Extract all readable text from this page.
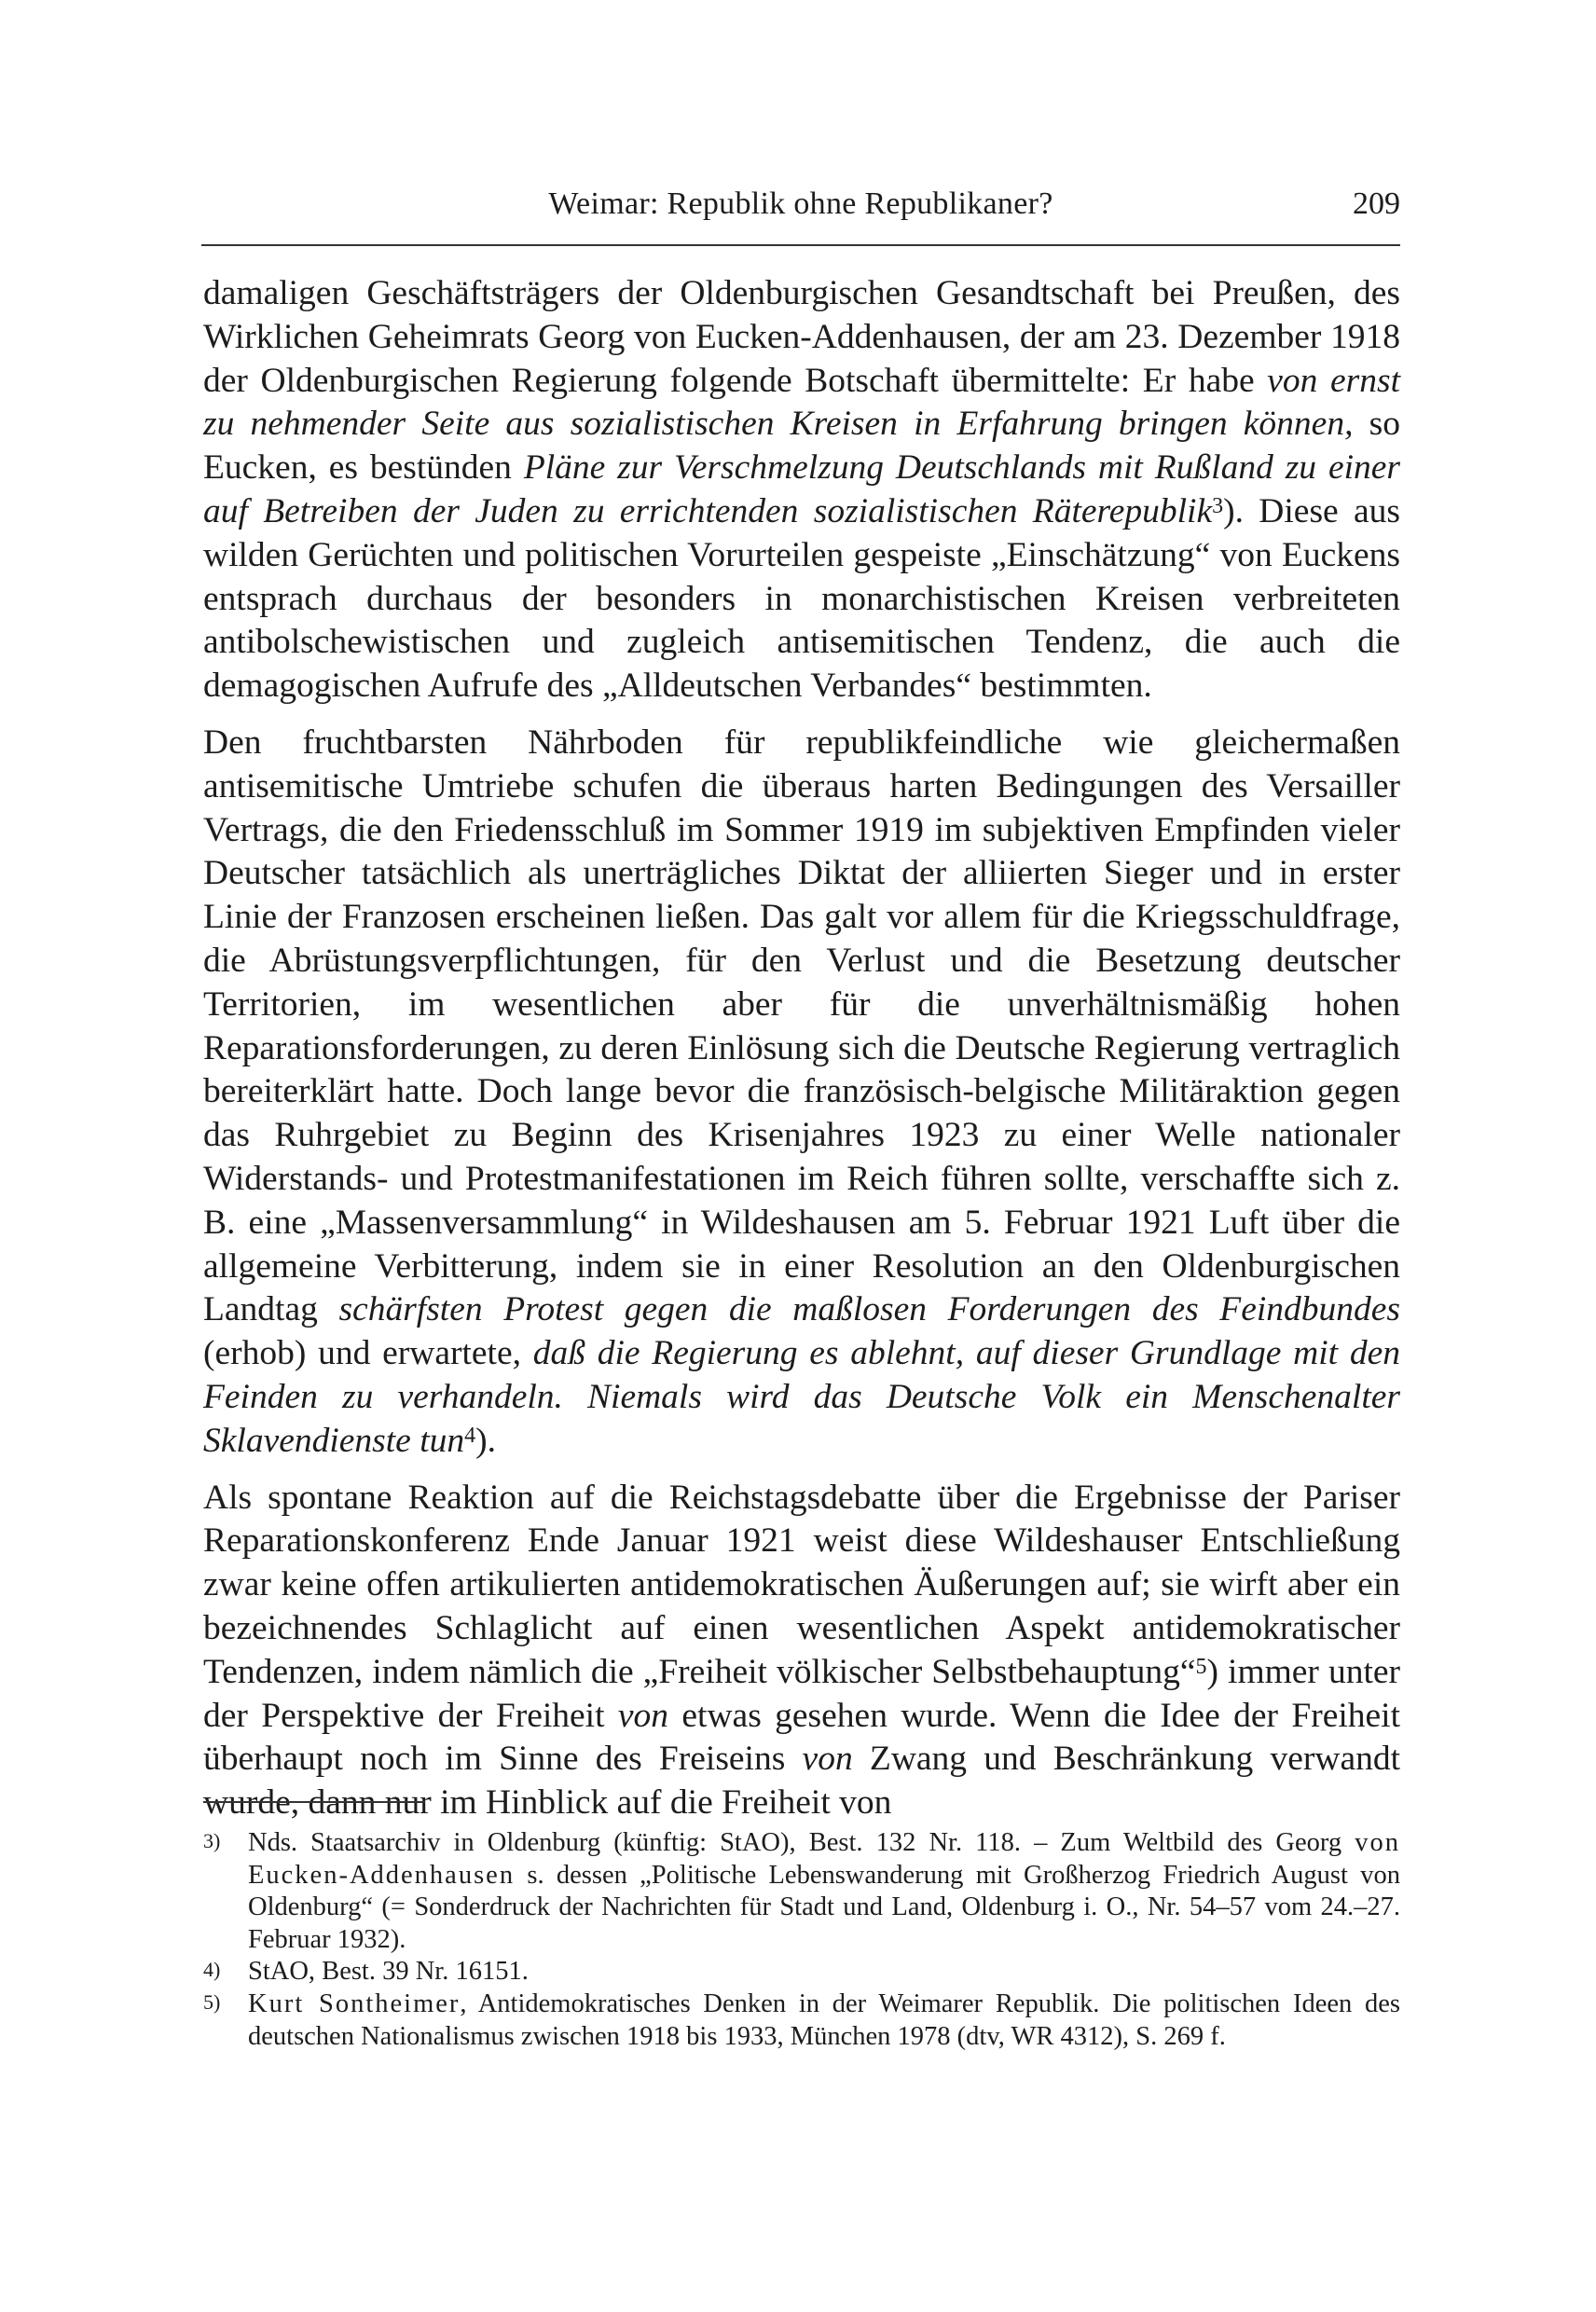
Weimar: Republik ohne Republikaner?	209

damaligen Geschäftsträgers der Oldenburgischen Gesandtschaft bei Preußen, des Wirklichen Geheimrats Georg von Eucken-Addenhausen, der am 23. Dezember 1918 der Oldenburgischen Regierung folgende Botschaft übermittelte: Er habe von ernst zu nehmender Seite aus sozialistischen Kreisen in Erfahrung bringen können, so Eucken, es bestünden Pläne zur Verschmelzung Deutschlands mit Rußland zu einer auf Betreiben der Juden zu errichtenden sozialistischen Räterepublik$^3$). Diese aus wilden Gerüchten und politischen Vorurteilen gespeiste „Einschätzung“ von Euckens entsprach durchaus der besonders in monarchistischen Kreisen verbreiteten antibolschewistischen und zugleich antisemitischen Tendenz, die auch die demagogischen Aufrufe des „Alldeutschen Verbandes“ bestimmten.

Den fruchtbarsten Nährboden für republikfeindliche wie gleichermaßen antisemitische Umtriebe schufen die überaus harten Bedingungen des Versailler Vertrags, die den Friedensschluß im Sommer 1919 im subjektiven Empfinden vieler Deutscher tatsächlich als unerträgliches Diktat der alliierten Sieger und in erster Linie der Franzosen erscheinen ließen. Das galt vor allem für die Kriegsschuldfrage, die Abrüstungsverpflichtungen, für den Verlust und die Besetzung deutscher Territorien, im wesentlichen aber für die unverhältnismäßig hohen Reparationsforderungen, zu deren Einlösung sich die Deutsche Regierung vertraglich bereiterklärt hatte. Doch lange bevor die französisch-belgische Militäraktion gegen das Ruhrgebiet zu Beginn des Krisenjahres 1923 zu einer Welle nationaler Widerstands- und Protestmanifestationen im Reich führen sollte, verschaffte sich z. B. eine „Massenversammlung“ in Wildeshausen am 5. Februar 1921 Luft über die allgemeine Verbitterung, indem sie in einer Resolution an den Oldenburgischen Landtag schärfsten Protest gegen die maßlosen Forderungen des Feindbundes (erhob) und erwartete, daß die Regierung es ablehnt, auf dieser Grundlage mit den Feinden zu verhandeln. Niemals wird das Deutsche Volk ein Menschenalter Sklavendienste tun$^4$).

Als spontane Reaktion auf die Reichstagsdebatte über die Ergebnisse der Pariser Reparationskonferenz Ende Januar 1921 weist diese Wildeshauser Entschließung zwar keine offen artikulierten antidemokratischen Äußerungen auf; sie wirft aber ein bezeichnendes Schlaglicht auf einen wesentlichen Aspekt antidemokratischer Tendenzen, indem nämlich die „Freiheit völkischer Selbstbehauptung“$^5$) immer unter der Perspektive der Freiheit von etwas gesehen wurde. Wenn die Idee der Freiheit überhaupt noch im Sinne des Freiseins von Zwang und Beschränkung verwandt wurde, dann nur im Hinblick auf die Freiheit von

3) Nds. Staatsarchiv in Oldenburg (künftig: StAO), Best. 132 Nr. 118. – Zum Weltbild des Georg von Eucken-Addenhausen s. dessen „Politische Lebenswanderung mit Großherzog Friedrich August von Oldenburg“ (= Sonderdruck der Nachrichten für Stadt und Land, Oldenburg i. O., Nr. 54–57 vom 24.–27. Februar 1932).
4) StAO, Best. 39 Nr. 16151.
5) Kurt Sontheimer, Antidemokratisches Denken in der Weimarer Republik. Die politischen Ideen des deutschen Nationalismus zwischen 1918 bis 1933, München 1978 (dtv, WR 4312), S. 269 f.
